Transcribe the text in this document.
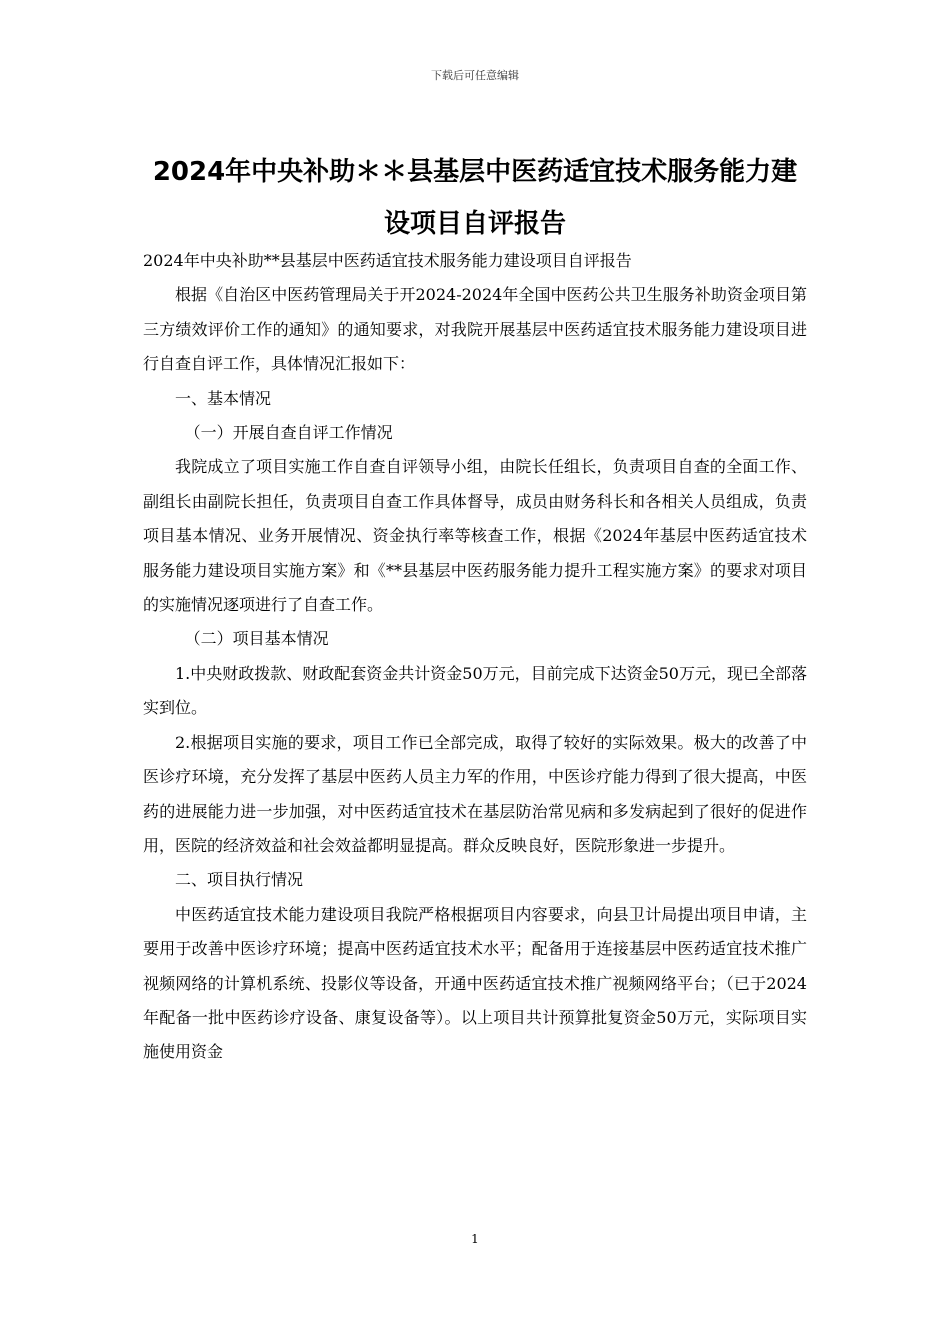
下载后可任意编辑
2024年中央补助＊＊县基层中医药适宜技术服务能力建
设项目自评报告

2024年中央补助**县基层中医药适宜技术服务能力建设项目自评报告

根据《自治区中医药管理局关于开2024-2024年全国中医药公共卫生服务补助资金项目第三方绩效评价工作的通知》的通知要求，对我院开展基层中医药适宜技术服务能力建设项目进行自查自评工作，具体情况汇报如下：

一、基本情况

（一）开展自查自评工作情况

我院成立了项目实施工作自查自评领导小组，由院长任组长，负责项目自查的全面工作、副组长由副院长担任，负责项目自查工作具体督导，成员由财务科长和各相关人员组成，负责项目基本情况、业务开展情况、资金执行率等核查工作，根据《2024年基层中医药适宜技术服务能力建设项目实施方案》和《**县基层中医药服务能力提升工程实施方案》的要求对项目的实施情况逐项进行了自查工作。

（二）项目基本情况

1.中央财政拨款、财政配套资金共计资金50万元，目前完成下达资金50万元，现已全部落实到位。

2.根据项目实施的要求，项目工作已全部完成，取得了较好的实际效果。极大的改善了中医诊疗环境，充分发挥了基层中医药人员主力军的作用，中医诊疗能力得到了很大提高，中医药的进展能力进一步加强，对中医药适宜技术在基层防治常见病和多发病起到了很好的促进作用，医院的经济效益和社会效益都明显提高。群众反映良好，医院形象进一步提升。

二、项目执行情况

中医药适宜技术能力建设项目我院严格根据项目内容要求，向县卫计局提出项目申请，主要用于改善中医诊疗环境；提高中医药适宜技术水平；配备用于连接基层中医药适宜技术推广视频网络的计算机系统、投影仪等设备，开通中医药适宜技术推广视频网络平台；（已于2024年配备一批中医药诊疗设备、康复设备等）。以上项目共计预算批复资金50万元，实际项目实施使用资金

1
